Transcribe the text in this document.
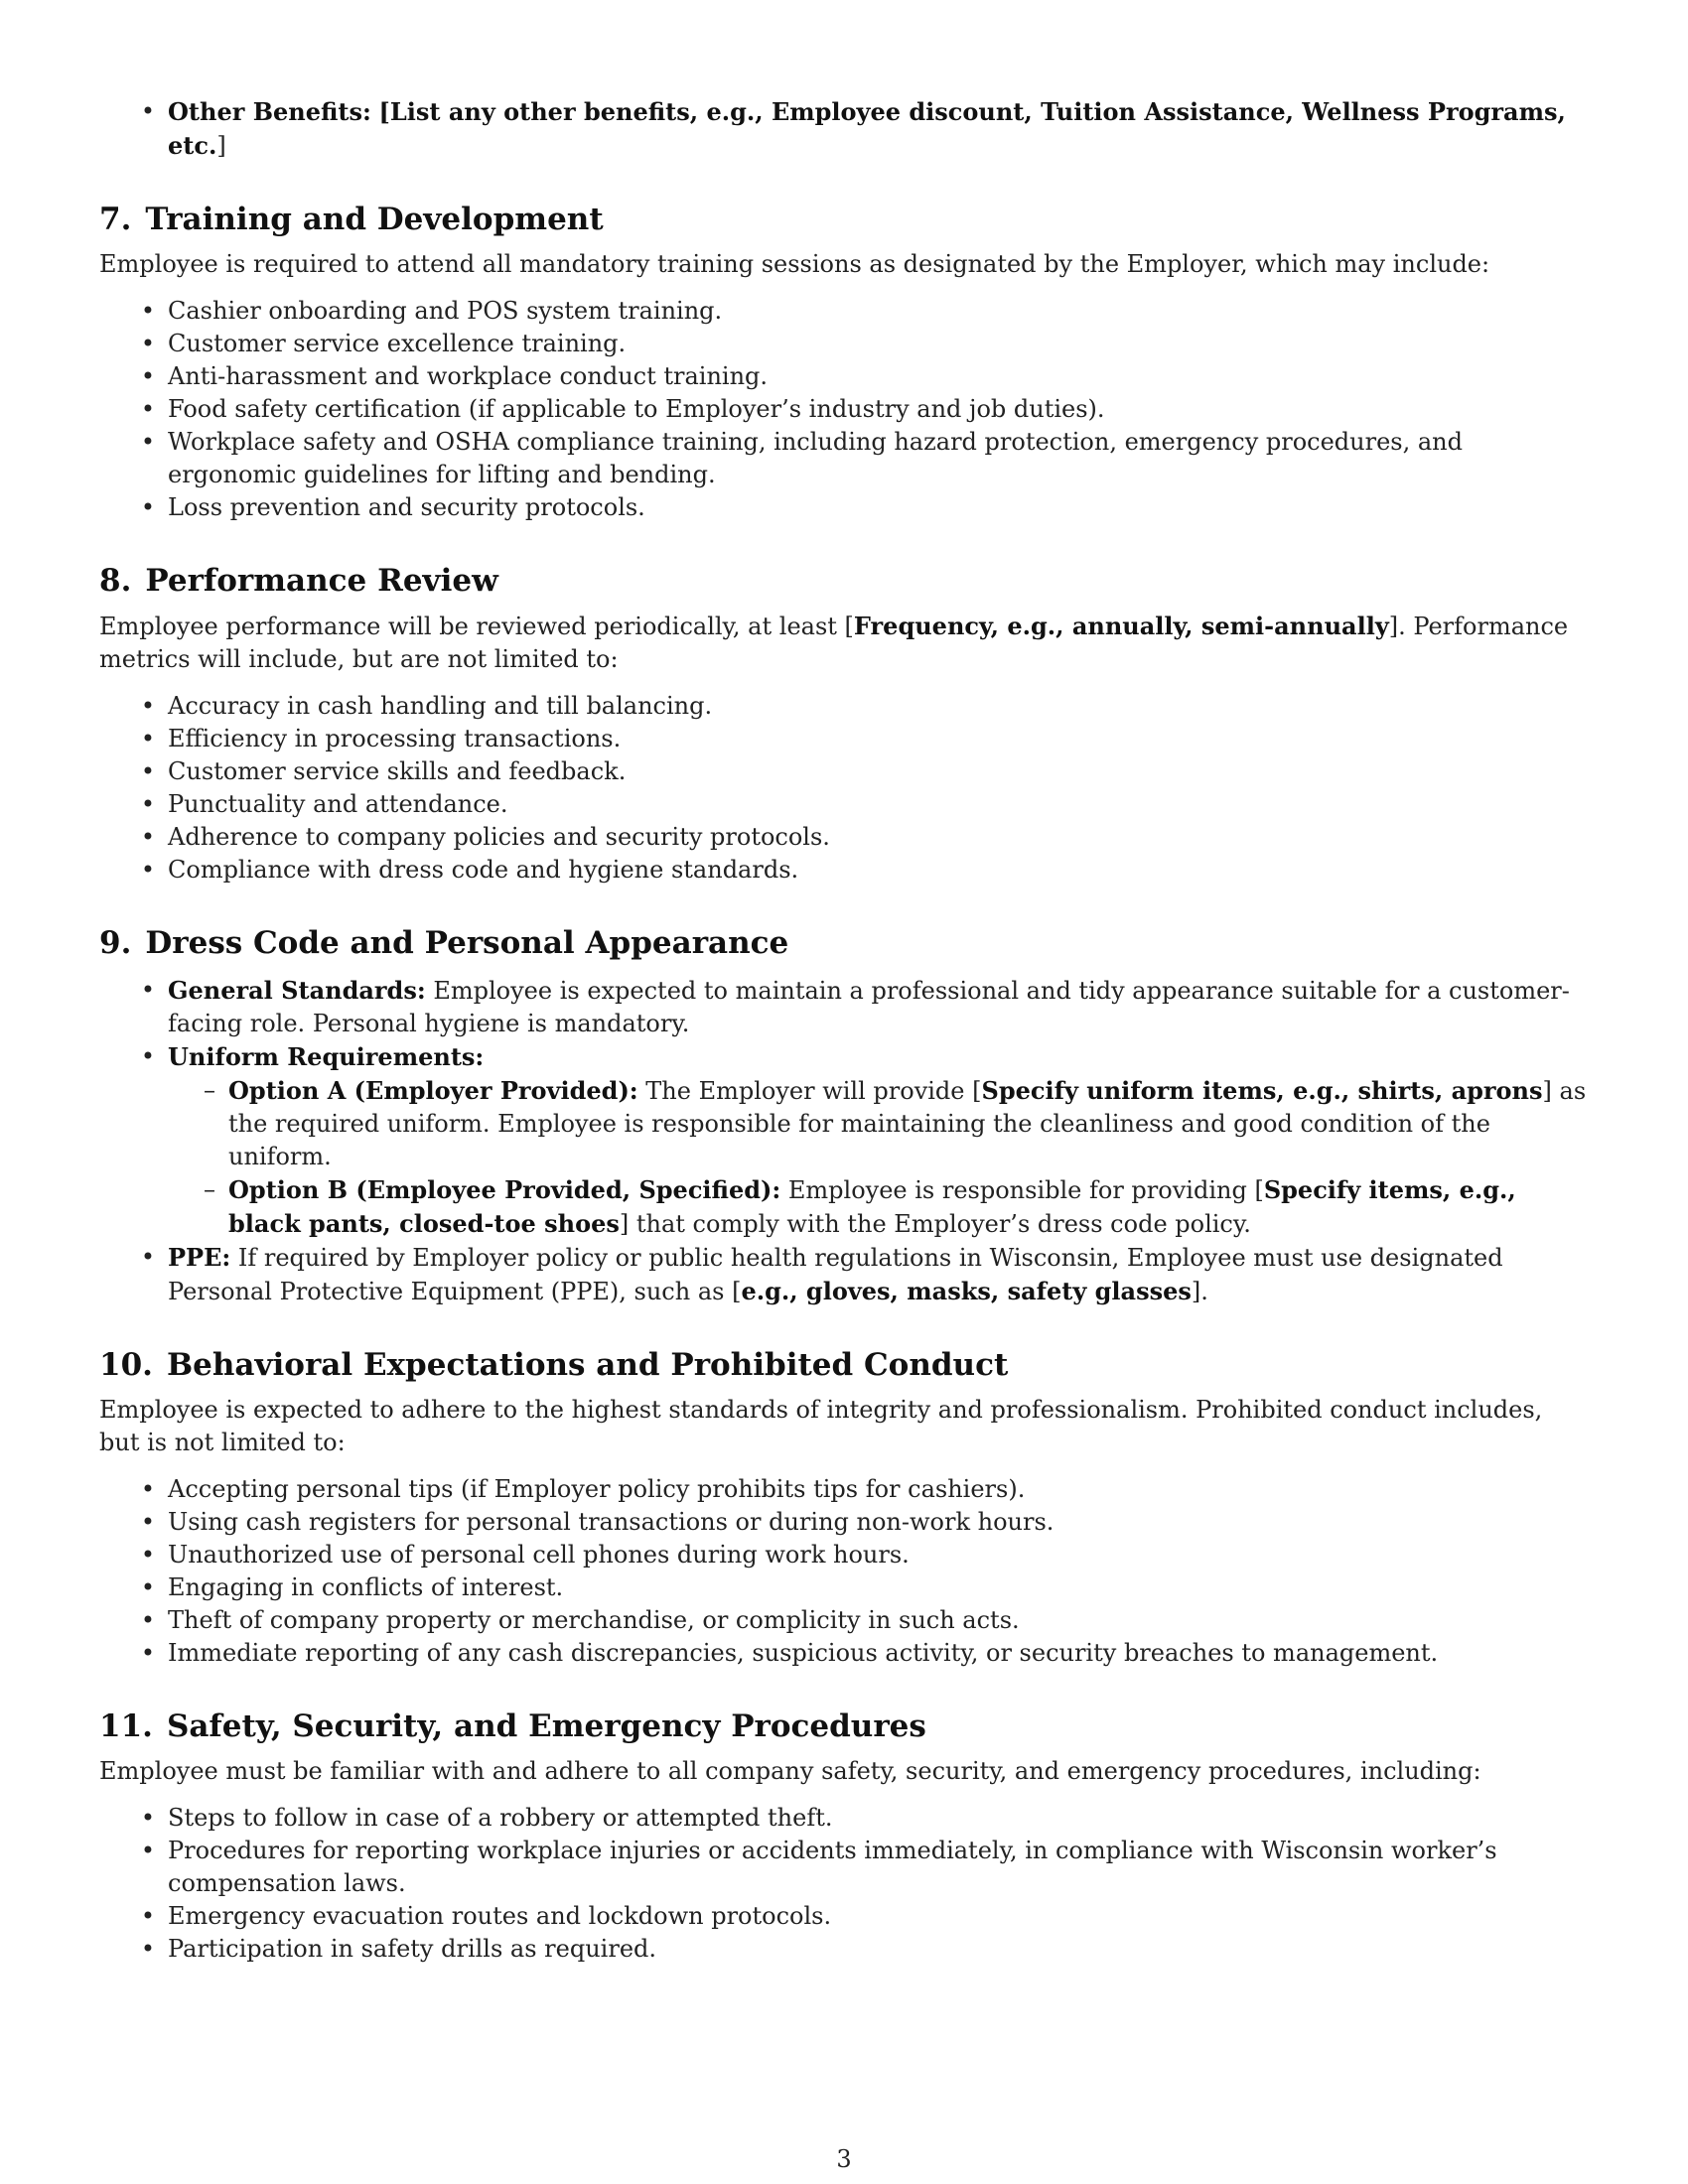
• Other Benefits: [List any other benefits, e.g., Employee discount, Tuition Assistance, Wellness Programs, etc.]
7. Training and Development

Employee is required to attend all mandatory training sessions as designated by the Employer, which may include:

• Cashier onboarding and POS system training.
• Customer service excellence training.
• Anti-harassment and workplace conduct training.
• Food safety certification (if applicable to Employer’s industry and job duties).
• Workplace safety and OSHA compliance training, including hazard protection, emergency procedures, and ergonomic guidelines for lifting and bending.
• Loss prevention and security protocols.
8. Performance Review

Employee performance will be reviewed periodically, at least [Frequency, e.g., annually, semi-annually]. Performance metrics will include, but are not limited to:

• Accuracy in cash handling and till balancing.
• Efficiency in processing transactions.
• Customer service skills and feedback.
• Punctuality and attendance.
• Adherence to company policies and security protocols.
• Compliance with dress code and hygiene standards.
9. Dress Code and Personal Appearance
• General Standards: Employee is expected to maintain a professional and tidy appearance suitable for a customer-facing role. Personal hygiene is mandatory.
• Uniform Requirements:
– Option A (Employer Provided): The Employer will provide [Specify uniform items, e.g., shirts, aprons] as the required uniform. Employee is responsible for maintaining the cleanliness and good condition of the uniform.
– Option B (Employee Provided, Specified): Employee is responsible for providing [Specify items, e.g., black pants, closed-toe shoes] that comply with the Employer’s dress code policy.
• PPE: If required by Employer policy or public health regulations in Wisconsin, Employee must use designated Personal Protective Equipment (PPE), such as [e.g., gloves, masks, safety glasses].
10. Behavioral Expectations and Prohibited Conduct

Employee is expected to adhere to the highest standards of integrity and professionalism. Prohibited conduct includes, but is not limited to:

• Accepting personal tips (if Employer policy prohibits tips for cashiers).
• Using cash registers for personal transactions or during non-work hours.
• Unauthorized use of personal cell phones during work hours.
• Engaging in conflicts of interest.
• Theft of company property or merchandise, or complicity in such acts.
• Immediate reporting of any cash discrepancies, suspicious activity, or security breaches to management.
11. Safety, Security, and Emergency Procedures

Employee must be familiar with and adhere to all company safety, security, and emergency procedures, including:

• Steps to follow in case of a robbery or attempted theft.
• Procedures for reporting workplace injuries or accidents immediately, in compliance with Wisconsin worker’s compensation laws.
• Emergency evacuation routes and lockdown protocols.
• Participation in safety drills as required.
3
